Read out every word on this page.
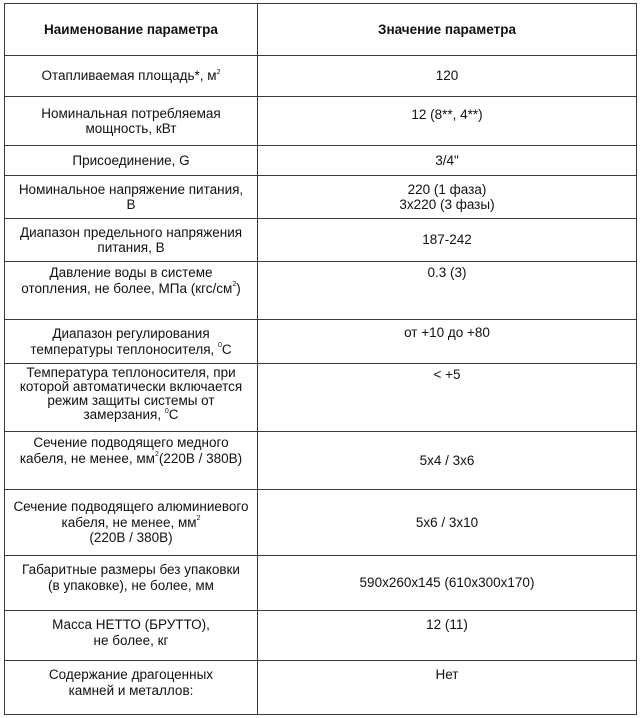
Наименование параметра	Значение параметра
Отапливаемая площадь*, $м^2$	120

Номинальная потребляемая
мощность, кВт	12 (8**, 4**)
Присоединение, G	3/4"

Номинальное напряжение питания,
В	220 (1 фаза)
3х220 (3 фазы)

Диапазон предельного напряжения
питания, В	187-242

Давление воды в системе
отопления, не более, МПа $(кгс/см^2)$	0.3 (3)

Диапазон регулирования
температуры теплоносителя, $^0$С	от +10 до +80

Температура теплоносителя, при
которой автоматически включается
режим защиты системы от
замерзания, $^0$С	< +5

Сечение подводящего медного
кабеля, не менее, $мм^2(220В / 380В)$	5х4 / 3х6

Сечение подводящего алюминиевого
кабеля, не менее, $мм^2$
(220В / 380В)	5х6 / 3х10

Габаритные размеры без упаковки
(в упаковке), не более, мм	590х260х145 (610х300х170)

Масса НЕТТО (БРУТТО),
не более, кг	12 (11)

Содержание драгоценных
камней и металлов:	Нет
